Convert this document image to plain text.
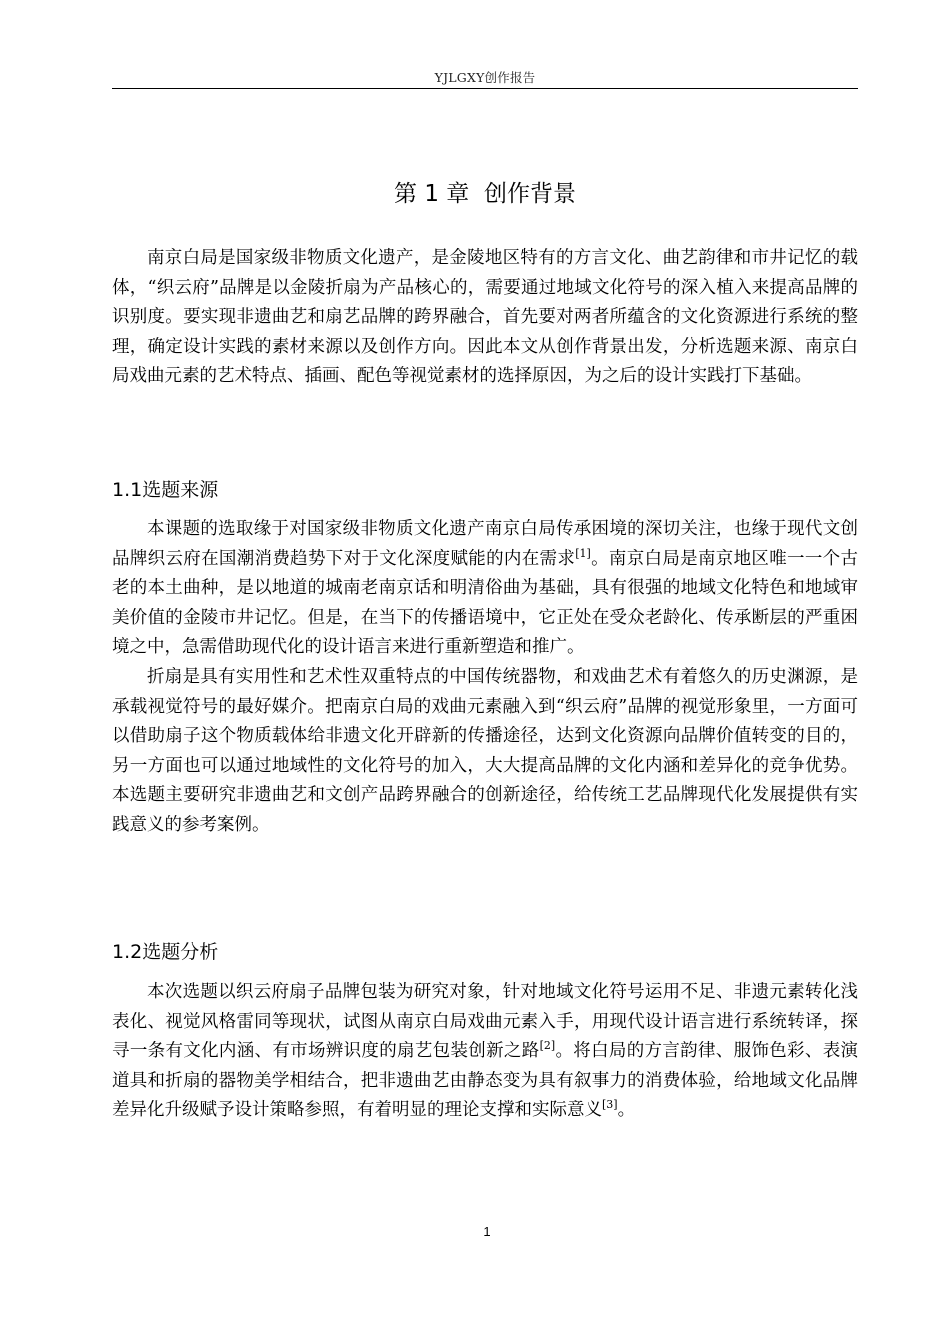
YJLGXY创作报告
第 1 章 创作背景

南京白局是国家级非物质文化遗产，是金陵地区特有的方言文化、曲艺韵律和市井记忆的载体，“织云府”品牌是以金陵折扇为产品核心的，需要通过地域文化符号的深入植入来提高品牌的识别度。要实现非遗曲艺和扇艺品牌的跨界融合，首先要对两者所蕴含的文化资源进行系统的整理，确定设计实践的素材来源以及创作方向。因此本文从创作背景出发，分析选题来源、南京白局戏曲元素的艺术特点、插画、配色等视觉素材的选择原因，为之后的设计实践打下基础。

1.1选题来源

本课题的选取缘于对国家级非物质文化遗产南京白局传承困境的深切关注，也缘于现代文创品牌织云府在国潮消费趋势下对于文化深度赋能的内在需求[1]。南京白局是南京地区唯一一个古老的本土曲种，是以地道的城南老南京话和明清俗曲为基础，具有很强的地域文化特色和地域审美价值的金陵市井记忆。但是，在当下的传播语境中，它正处在受众老龄化、传承断层的严重困境之中，急需借助现代化的设计语言来进行重新塑造和推广。

折扇是具有实用性和艺术性双重特点的中国传统器物，和戏曲艺术有着悠久的历史渊源，是承载视觉符号的最好媒介。把南京白局的戏曲元素融入到“织云府”品牌的视觉形象里，一方面可以借助扇子这个物质载体给非遗文化开辟新的传播途径，达到文化资源向品牌价值转变的目的，另一方面也可以通过地域性的文化符号的加入，大大提高品牌的文化内涵和差异化的竞争优势。本选题主要研究非遗曲艺和文创产品跨界融合的创新途径，给传统工艺品牌现代化发展提供有实践意义的参考案例。

1.2选题分析

本次选题以织云府扇子品牌包装为研究对象，针对地域文化符号运用不足、非遗元素转化浅表化、视觉风格雷同等现状，试图从南京白局戏曲元素入手，用现代设计语言进行系统转译，探寻一条有文化内涵、有市场辨识度的扇艺包装创新之路[2]。将白局的方言韵律、服饰色彩、表演道具和折扇的器物美学相结合，把非遗曲艺由静态变为具有叙事力的消费体验，给地域文化品牌差异化升级赋予设计策略参照，有着明显的理论支撑和实际意义[3]。

1
